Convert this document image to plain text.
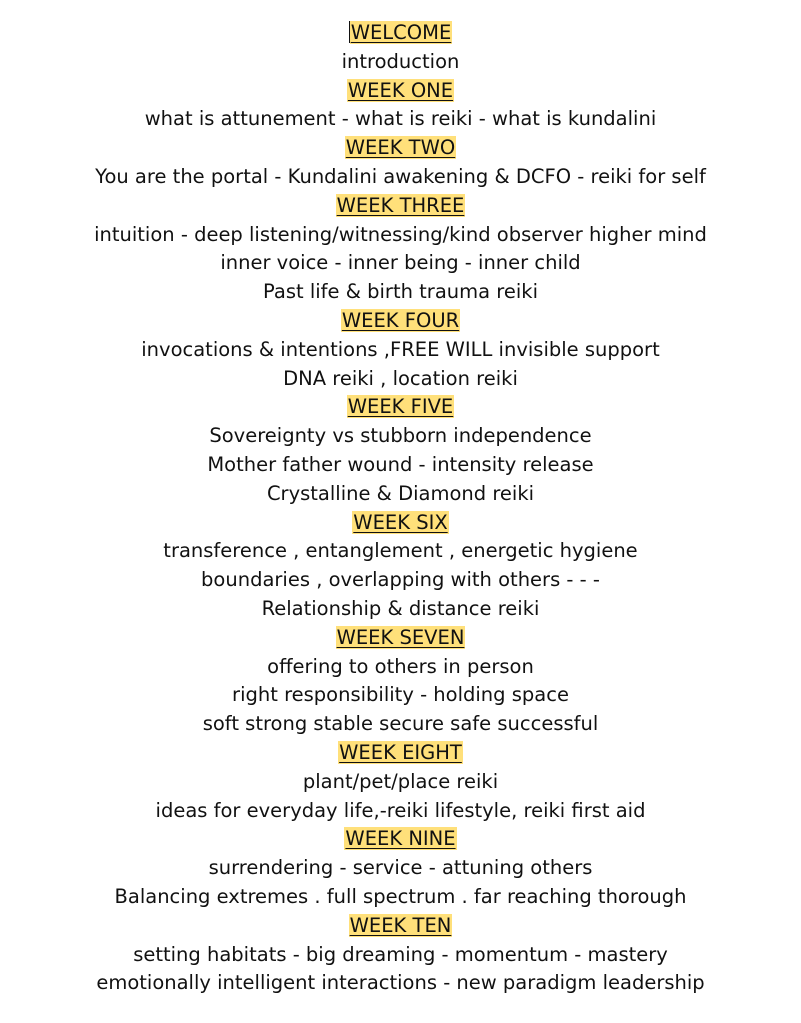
WELCOME
introduction
WEEK ONE
what is attunement - what is reiki - what is kundalini
WEEK TWO
You are the portal - Kundalini awakening & DCFO - reiki for self
WEEK THREE
intuition - deep listening/witnessing/kind observer higher mind
inner voice - inner being - inner child
Past life & birth trauma reiki
WEEK FOUR
invocations & intentions ,FREE WILL invisible support
DNA reiki , location reiki
WEEK FIVE
Sovereignty vs stubborn independence
Mother father wound - intensity release
Crystalline & Diamond reiki
WEEK SIX
transference , entanglement , energetic hygiene
boundaries , overlapping with others - - -
Relationship & distance reiki
WEEK SEVEN
offering to others in person
right responsibility - holding space
soft strong stable secure safe successful
WEEK EIGHT
plant/pet/place reiki
ideas for everyday life,-reiki lifestyle, reiki first aid
WEEK NINE
surrendering - service - attuning others
Balancing extremes . full spectrum . far reaching thorough
WEEK TEN
setting habitats - big dreaming - momentum - mastery
emotionally intelligent interactions - new paradigm leadership
